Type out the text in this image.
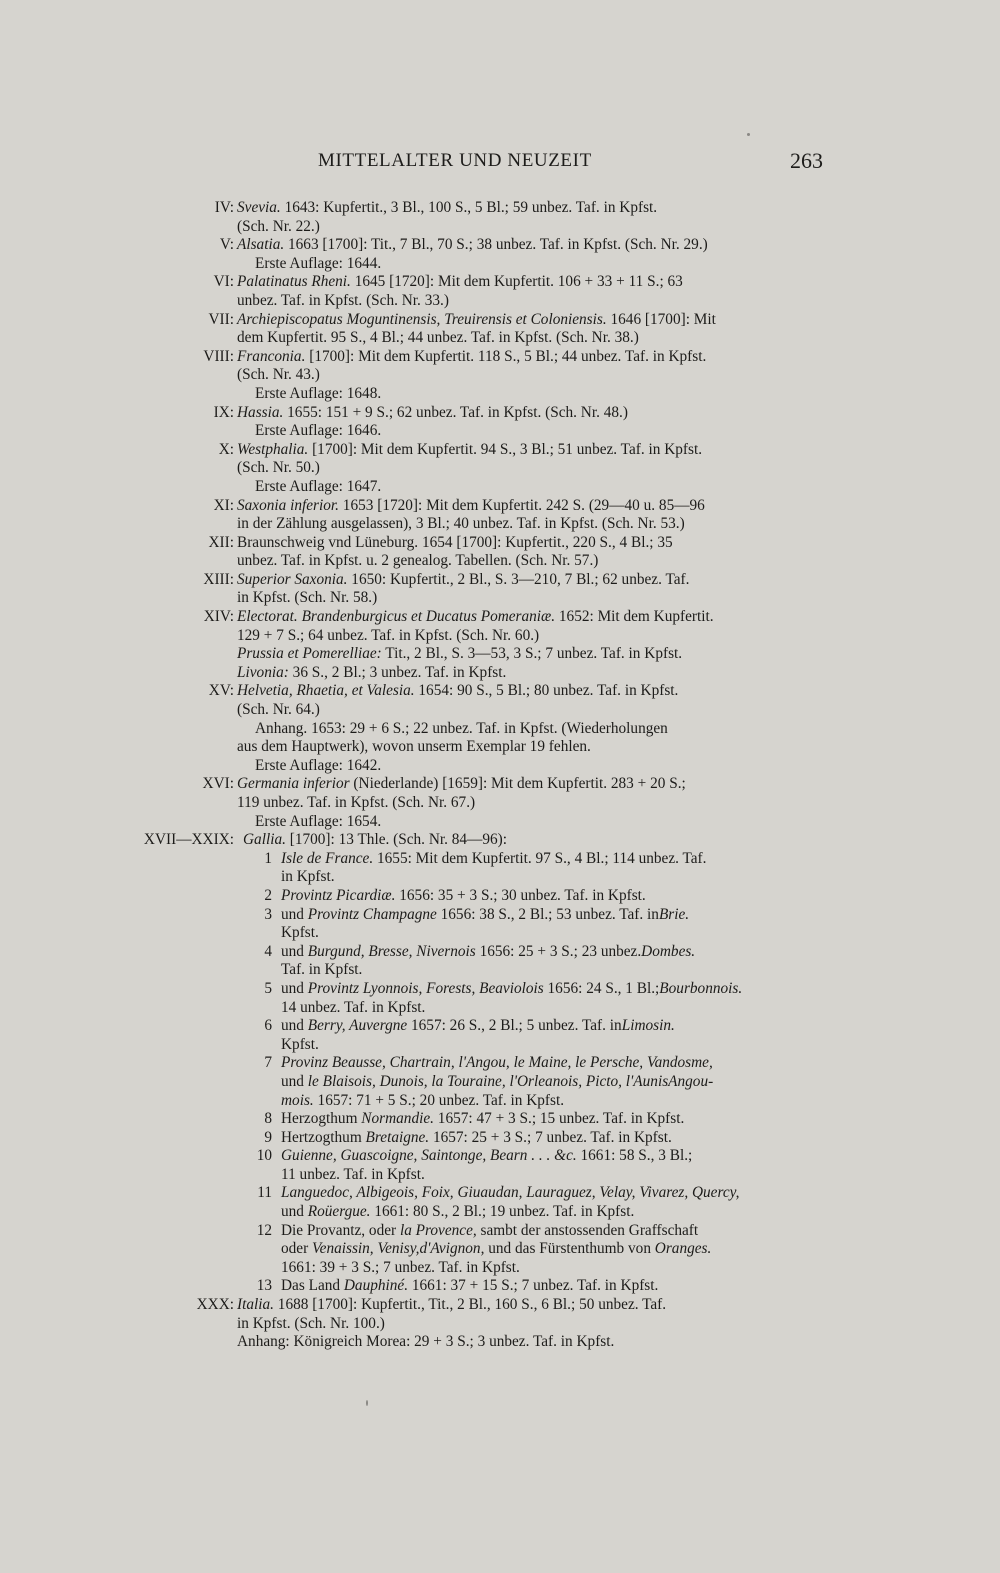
MITTELALTER UND NEUZEIT	263
IV: Svevia. 1643: Kupfertit., 3 Bl., 100 S., 5 Bl.; 59 unbez. Taf. in Kpfst.
(Sch. Nr. 22.)
V: Alsatia. 1663 [1700]: Tit., 7 Bl., 70 S.; 38 unbez. Taf. in Kpfst. (Sch. Nr. 29.)
Erste Auflage: 1644.
VI: Palatinatus Rheni. 1645 [1720]: Mit dem Kupfertit. 106 + 33 + 11 S.; 63
unbez. Taf. in Kpfst. (Sch. Nr. 33.)
VII: Archiepiscopatus Moguntinensis, Treuirensis et Coloniensis. 1646 [1700]: Mit
dem Kupfertit. 95 S., 4 Bl.; 44 unbez. Taf. in Kpfst. (Sch. Nr. 38.)
VIII: Franconia. [1700]: Mit dem Kupfertit. 118 S., 5 Bl.; 44 unbez. Taf. in Kpfst.
(Sch. Nr. 43.)
Erste Auflage: 1648.
IX: Hassia. 1655: 151 + 9 S.; 62 unbez. Taf. in Kpfst. (Sch. Nr. 48.)
Erste Auflage: 1646.
X: Westphalia. [1700]: Mit dem Kupfertit. 94 S., 3 Bl.; 51 unbez. Taf. in Kpfst.
(Sch. Nr. 50.)
Erste Auflage: 1647.
XI: Saxonia inferior. 1653 [1720]: Mit dem Kupfertit. 242 S. (29—40 u. 85—96
in der Zählung ausgelassen), 3 Bl.; 40 unbez. Taf. in Kpfst. (Sch. Nr. 53.)
XII: Braunschweig vnd Lüneburg. 1654 [1700]: Kupfertit., 220 S., 4 Bl.; 35
unbez. Taf. in Kpfst. u. 2 genealog. Tabellen. (Sch. Nr. 57.)
XIII: Superior Saxonia. 1650: Kupfertit., 2 Bl., S. 3—210, 7 Bl.; 62 unbez. Taf.
in Kpfst. (Sch. Nr. 58.)
XIV: Electorat. Brandenburgicus et Ducatus Pomeraniæ. 1652: Mit dem Kupfertit.
129 + 7 S.; 64 unbez. Taf. in Kpfst. (Sch. Nr. 60.)
Prussia et Pomerelliae: Tit., 2 Bl., S. 3—53, 3 S.; 7 unbez. Taf. in Kpfst.
Livonia: 36 S., 2 Bl.; 3 unbez. Taf. in Kpfst.
XV: Helvetia, Rhaetia, et Valesia. 1654: 90 S., 5 Bl.; 80 unbez. Taf. in Kpfst.
(Sch. Nr. 64.)
Anhang. 1653: 29 + 6 S.; 22 unbez. Taf. in Kpfst. (Wiederholungen
aus dem Hauptwerk), wovon unserm Exemplar 19 fehlen.
Erste Auflage: 1642.
XVI: Germania inferior (Niederlande) [1659]: Mit dem Kupfertit. 283 + 20 S.;
119 unbez. Taf. in Kpfst. (Sch. Nr. 67.)
Erste Auflage: 1654.
XVII—XXIX: Gallia. [1700]: 13 Thle. (Sch. Nr. 84—96):
1 Isle de France. 1655: Mit dem Kupfertit. 97 S., 4 Bl.; 114 unbez. Taf.
in Kpfst.
2 Provintz Picardiæ. 1656: 35 + 3 S.; 30 unbez. Taf. in Kpfst.
3 und Provintz Champagne 1656: 38 S., 2 Bl.; 53 unbez. Taf. inBrie.
Kpfst.
4 und Burgund, Bresse, Nivernois 1656: 25 + 3 S.; 23 unbez.Dombes.
Taf. in Kpfst.
5 und Provintz Lyonnois, Forests, Beaviolois 1656: 24 S., 1 Bl.;Bourbonnois.
14 unbez. Taf. in Kpfst.
6 und Berry, Auvergne 1657: 26 S., 2 Bl.; 5 unbez. Taf. inLimosin.
Kpfst.
7 Provinz Beausse, Chartrain, l'Angou, le Maine, le Persche, Vandosme,
und le Blaisois, Dunois, la Touraine, l'Orleanois, Picto, l'AunisAngou-
mois. 1657: 71 + 5 S.; 20 unbez. Taf. in Kpfst.
8 Herzogthum Normandie. 1657: 47 + 3 S.; 15 unbez. Taf. in Kpfst.
9 Hertzogthum Bretaigne. 1657: 25 + 3 S.; 7 unbez. Taf. in Kpfst.
10 Guienne, Guascoigne, Saintonge, Bearn . . . &c. 1661: 58 S., 3 Bl.;
11 unbez. Taf. in Kpfst.
11 Languedoc, Albigeois, Foix, Giuaudan, Lauraguez, Velay, Vivarez, Quercy,
und Roüergue. 1661: 80 S., 2 Bl.; 19 unbez. Taf. in Kpfst.
12 Die Provantz, oder la Provence, sambt der anstossenden Graffschaft
oder Venaissin, Venisy,d'Avignon, und das Fürstenthumb von Oranges.
1661: 39 + 3 S.; 7 unbez. Taf. in Kpfst.
13 Das Land Dauphiné. 1661: 37 + 15 S.; 7 unbez. Taf. in Kpfst.
XXX: Italia. 1688 [1700]: Kupfertit., Tit., 2 Bl., 160 S., 6 Bl.; 50 unbez. Taf.
in Kpfst. (Sch. Nr. 100.)
Anhang: Königreich Morea: 29 + 3 S.; 3 unbez. Taf. in Kpfst.
